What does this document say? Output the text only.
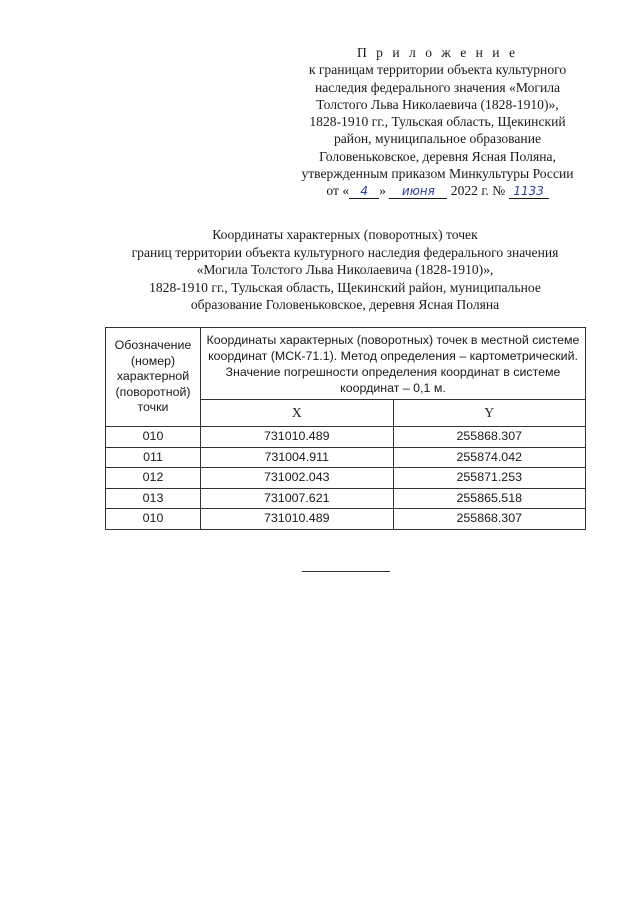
П р и л о ж е н и е
к границам территории объекта культурного
наследия федерального значения «Могила
Толстого Льва Николаевича (1828-1910)»,
1828-1910 гг., Тульская область, Щекинский
район, муниципальное образование
Головеньковское, деревня Ясная Поляна,
утвержденным приказом Минкультуры России
от « 4 » июня 2022 г. № 1133
Координаты характерных (поворотных) точек
границ территории объекта культурного наследия федерального значения
«Могила Толстого Льва Николаевича (1828-1910)»,
1828-1910 гг., Тульская область, Щекинский район, муниципальное
образование Головеньковское, деревня Ясная Поляна
Обозначение (номер) характерной (поворотной) точки	Координаты характерных (поворотных) точек в местной системе координат (МСК-71.1). Метод определения – картометрический. Значение погрешности определения координат в системе координат – 0,1 м.	
	X	Y
010	731010.489	255868.307
011	731004.911	255874.042
012	731002.043	255871.253
013	731007.621	255865.518
010	731010.489	255868.307
